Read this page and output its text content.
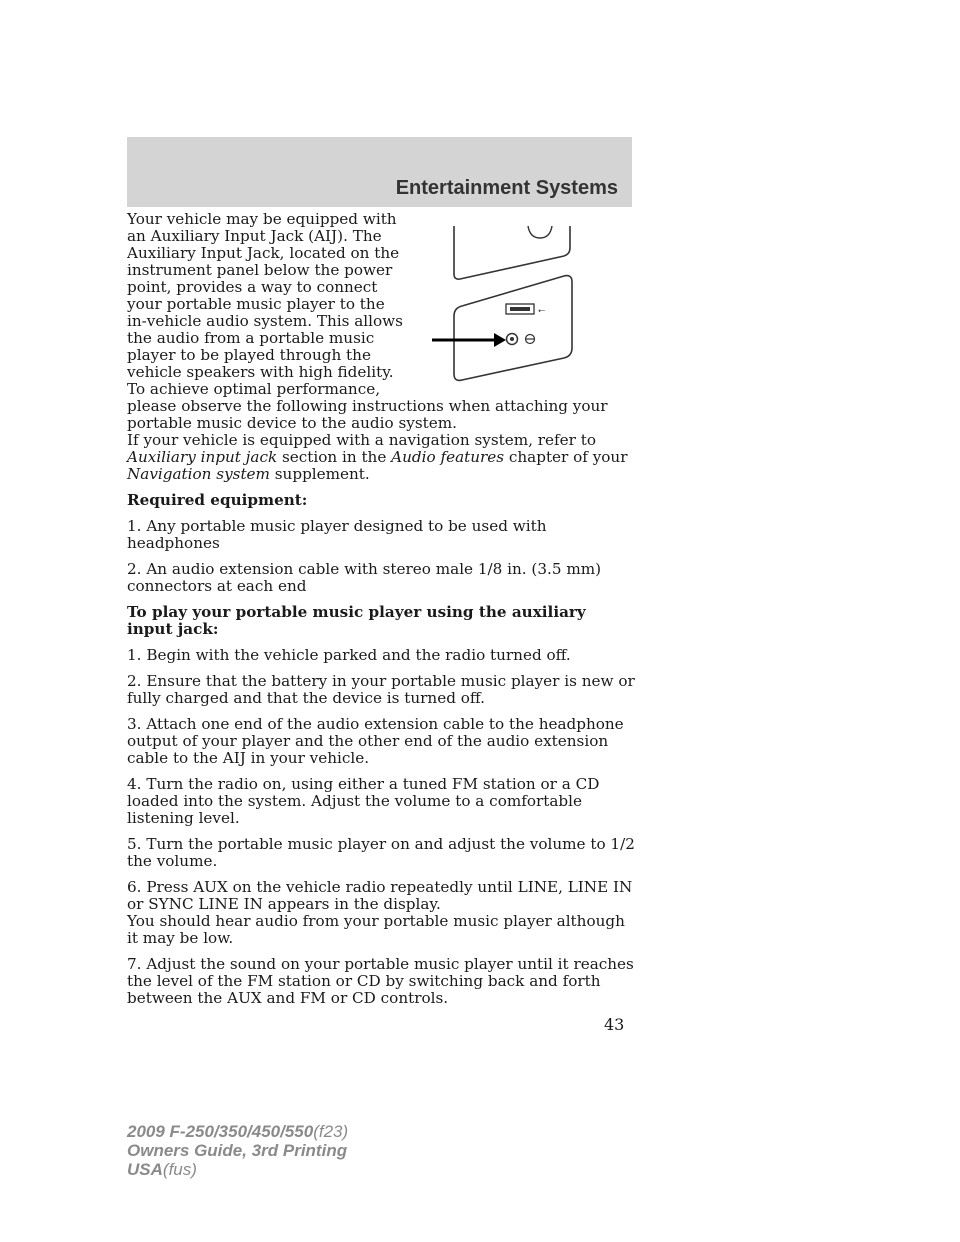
Entertainment Systems
⭠
Your vehicle may be equipped with
an Auxiliary Input Jack (AIJ). The
Auxiliary Input Jack, located on the
instrument panel below the power
point, provides a way to connect
your portable music player to the
in-vehicle audio system. This allows
the audio from a portable music
player to be played through the
vehicle speakers with high fidelity.
To achieve optimal performance,
please observe the following instructions when attaching your portable music device to the audio system.

If your vehicle is equipped with a navigation system, refer to Auxiliary input jack section in the Audio features chapter of your Navigation system supplement.

Required equipment:

1. Any portable music player designed to be used with headphones

2. An audio extension cable with stereo male 1/8 in. (3.5 mm) connectors at each end

To play your portable music player using the auxiliary input jack:

1. Begin with the vehicle parked and the radio turned off.

2. Ensure that the battery in your portable music player is new or fully charged and that the device is turned off.

3. Attach one end of the audio extension cable to the headphone output of your player and the other end of the audio extension cable to the AIJ in your vehicle.

4. Turn the radio on, using either a tuned FM station or a CD loaded into the system. Adjust the volume to a comfortable listening level.

5. Turn the portable music player on and adjust the volume to 1/2 the volume.

6. Press AUX on the vehicle radio repeatedly until LINE, LINE IN or SYNC LINE IN appears in the display.

You should hear audio from your portable music player although it may be low.

7. Adjust the sound on your portable music player until it reaches the level of the FM station or CD by switching back and forth between the AUX and FM or CD controls.

43
2009 F-250/350/450/550(f23)
Owners Guide, 3rd Printing
USA(fus)
